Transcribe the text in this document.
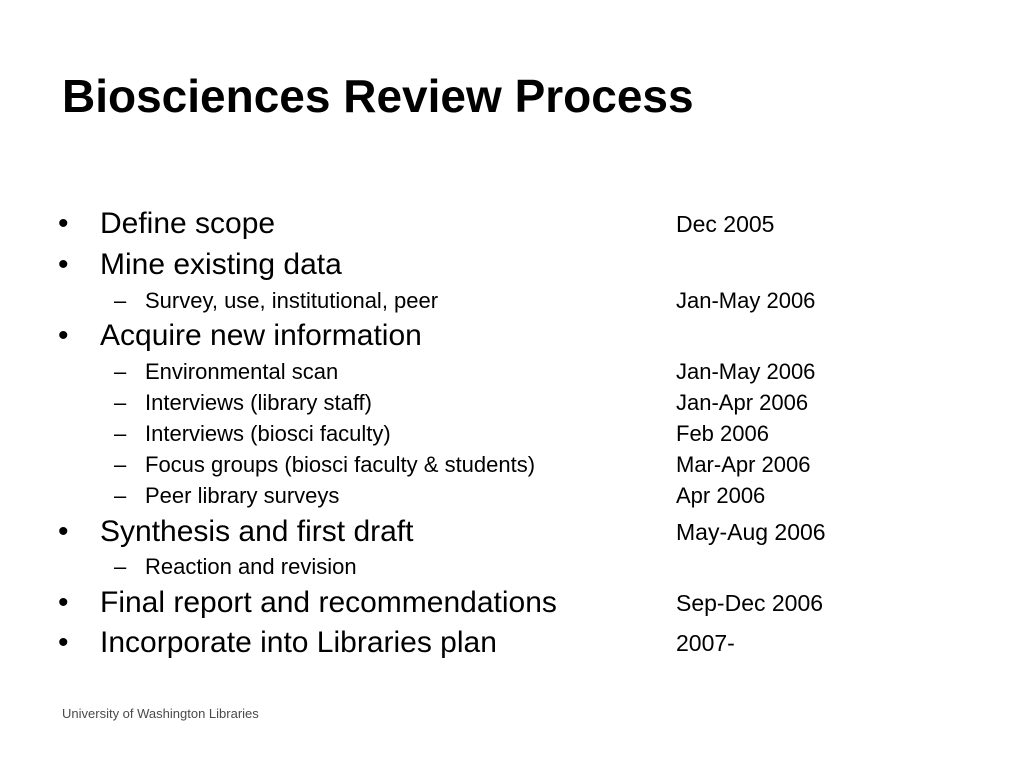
Biosciences Review Process
• Define scope	Dec 2005
• Mine existing data
– Survey, use, institutional, peer	Jan-May 2006
• Acquire new information
– Environmental scan	Jan-May 2006
– Interviews (library staff)	Jan-Apr 2006
– Interviews (biosci faculty)	Feb 2006
– Focus groups (biosci faculty & students)	Mar-Apr 2006
– Peer library surveys	Apr 2006
• Synthesis and first draft	May-Aug 2006
– Reaction and revision
• Final report and recommendations	Sep-Dec 2006
• Incorporate into Libraries plan	2007-
University of Washington Libraries
